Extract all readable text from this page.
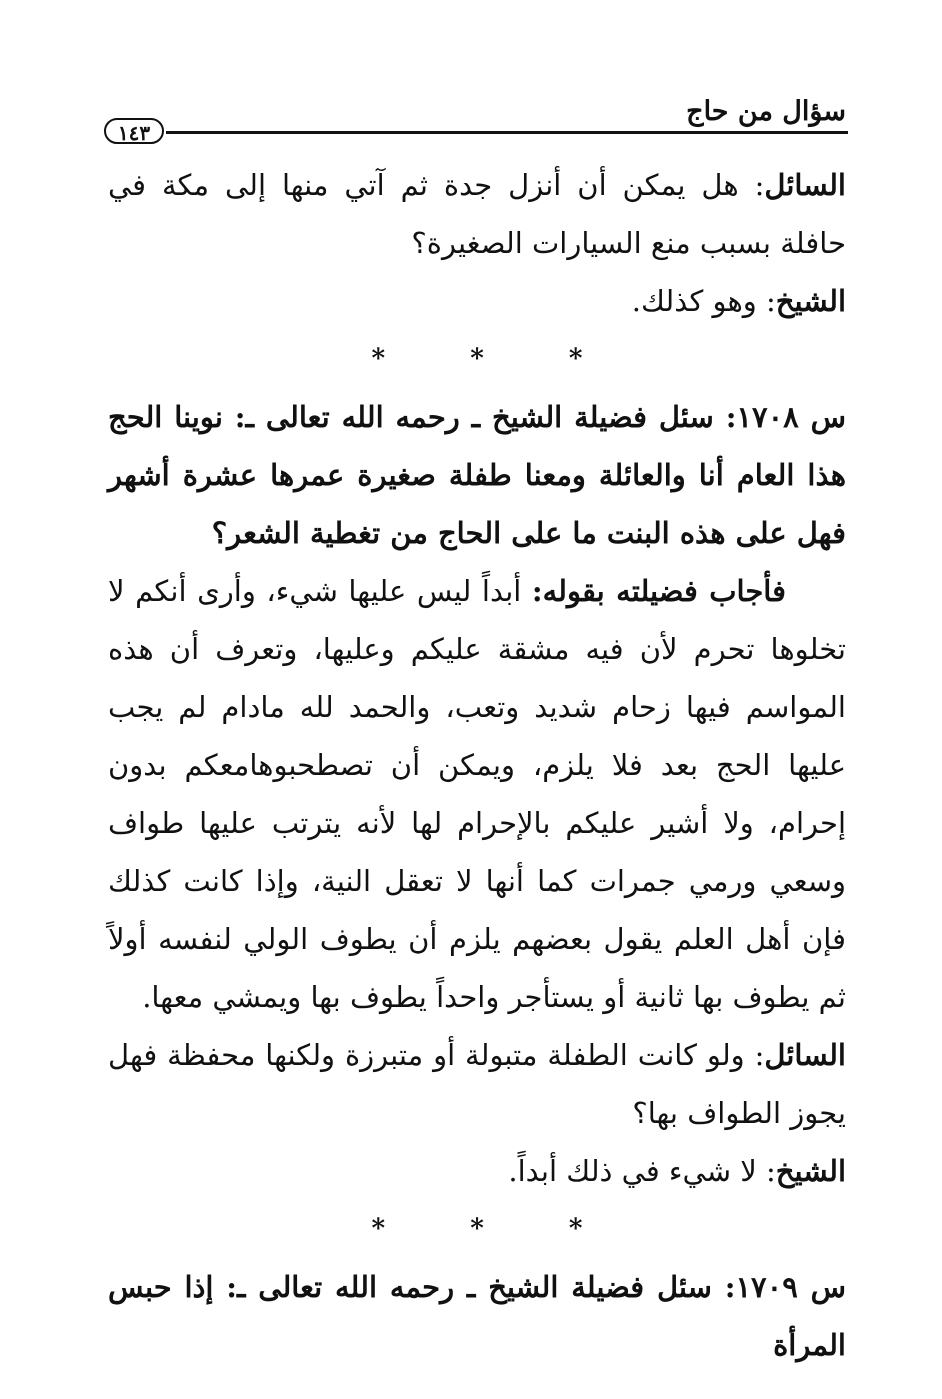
سؤال من حاج
١٤٣

السائل: هل يمكن أن أنزل جدة ثم آتي منها إلى مكة في حافلة بسبب منع السيارات الصغيرة؟

الشيخ: وهو كذلك.

* * *

س ١٧٠٨: سئل فضيلة الشيخ ـ رحمه الله تعالى ـ: نوينا الحج هذا العام أنا والعائلة ومعنا طفلة صغيرة عمرها عشرة أشهر فهل على هذه البنت ما على الحاج من تغطية الشعر؟

فأجاب فضيلته بقوله: أبداً ليس عليها شيء، وأرى أنكم لا تخلوها تحرم لأن فيه مشقة عليكم وعليها، وتعرف أن هذه المواسم فيها زحام شديد وتعب، والحمد لله مادام لم يجب عليها الحج بعد فلا يلزم، ويمكن أن تصطحبوهامعكم بدون إحرام، ولا أشير عليكم بالإحرام لها لأنه يترتب عليها طواف وسعي ورمي جمرات كما أنها لا تعقل النية، وإذا كانت كذلك فإن أهل العلم يقول بعضهم يلزم أن يطوف الولي لنفسه أولاً ثم يطوف بها ثانية أو يستأجر واحداً يطوف بها ويمشي معها.

السائل: ولو كانت الطفلة متبولة أو متبرزة ولكنها محفظة فهل يجوز الطواف بها؟

الشيخ: لا شيء في ذلك أبداً.

* * *

س ١٧٠٩: سئل فضيلة الشيخ ـ رحمه الله تعالى ـ: إذا حبس المرأة
